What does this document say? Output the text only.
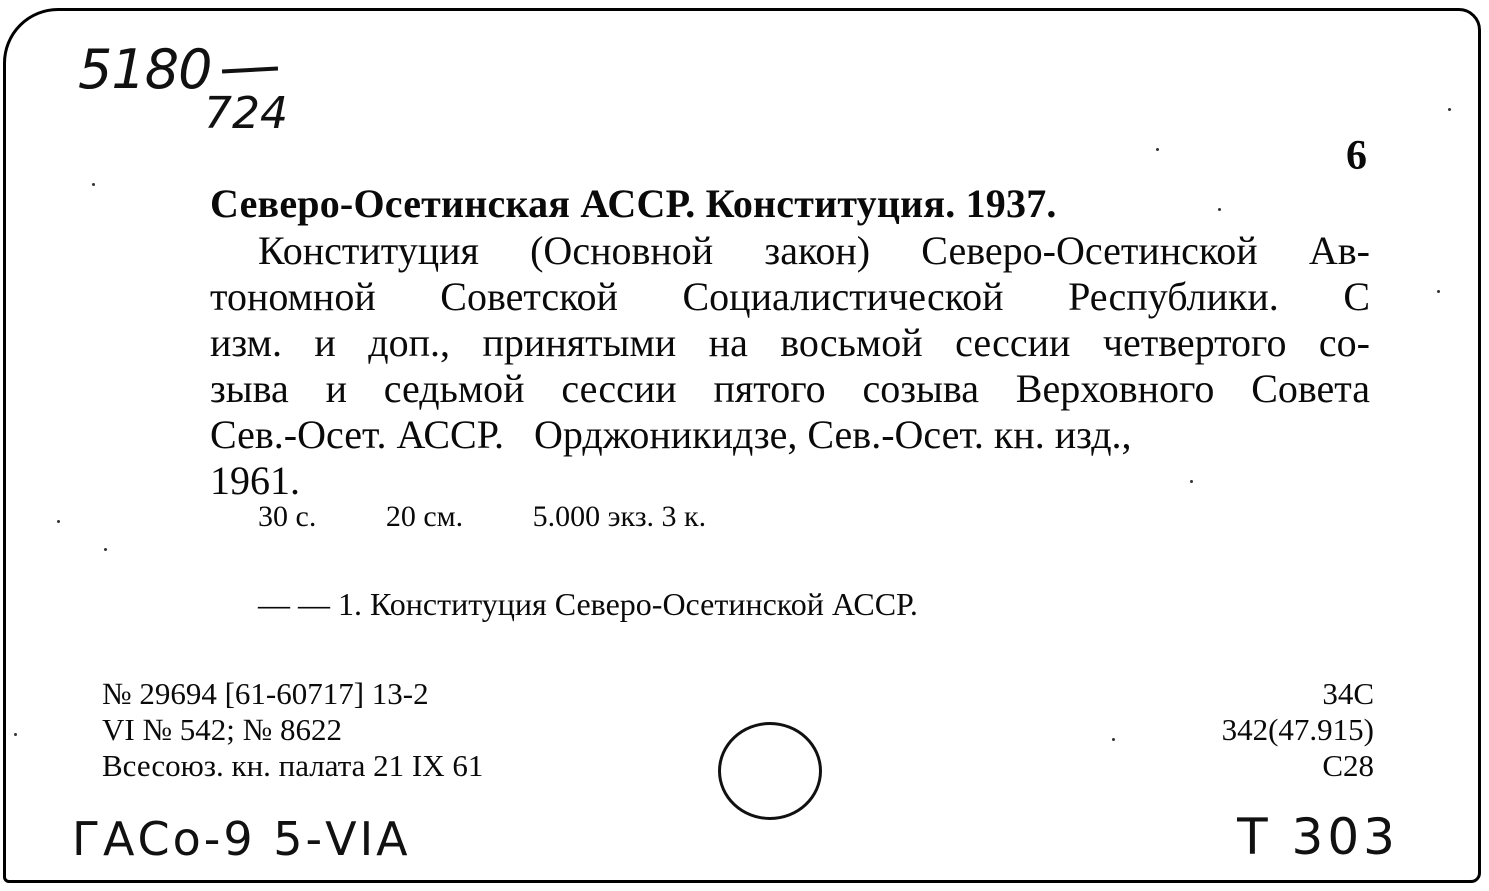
5180
724
6
Северо-Осетинская АССР. Конституция. 1937.
Конституция (Основной закон) Северо-Осетинской Ав-
тономной Советской Социалистической Республики. С
изм. и доп., принятыми на восьмой сессии четвертого со-
зыва и седьмой сессии пятого созыва Верховного Совета
Сев.-Осет. АССР.   Орджоникидзе, Сев.-Осет. кн. изд.,
1961.
30 с. 20 см. 5.000 экз. 3 к.
— — 1. Конституция Северо-Осетинской АССР.
№ 29694 [61-60717] 13-2
VI № 542; № 8622
Всесоюз. кн. палата 21 IX 61
34С
342(47.915)
С28
ГАСо-9 5-VIА	Т 303
